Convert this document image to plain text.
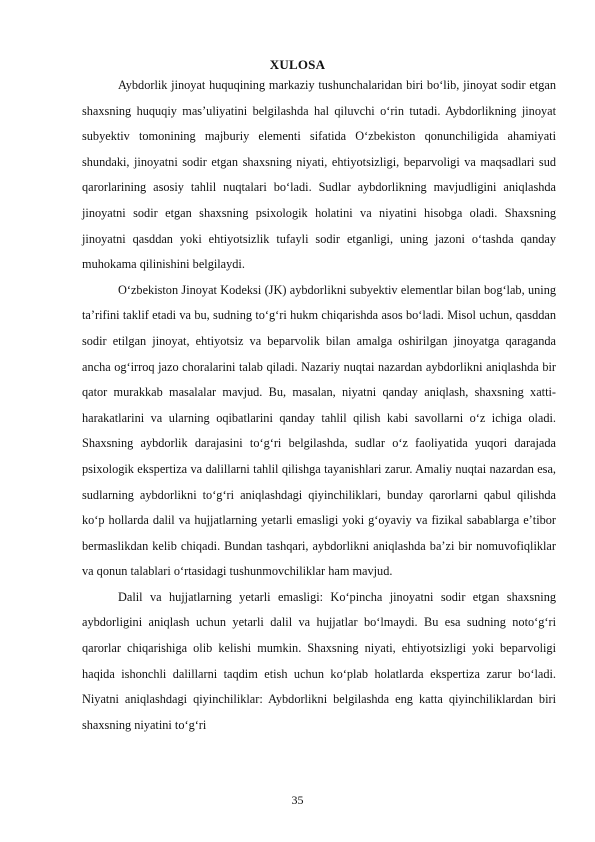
XULOSA

Aybdorlik jinoyat huquqining markaziy tushunchalaridan biri boʻlib, jinoyat sodir etgan shaxsning huquqiy masʼuliyatini belgilashda hal qiluvchi oʻrin tutadi. Aybdorlikning jinoyat subyektiv tomonining majburiy elementi sifatida Oʻzbekiston qonunchiligida ahamiyati shundaki, jinoyatni sodir etgan shaxsning niyati, ehtiyotsizligi, beparvoligi va maqsadlari sud qarorlarining asosiy tahlil nuqtalari boʻladi. Sudlar aybdorlikning mavjudligini aniqlashda jinoyatni sodir etgan shaxsning psixologik holatini va niyatini hisobga oladi. Shaxsning jinoyatni qasddan yoki ehtiyotsizlik tufayli sodir etganligi, uning jazoni oʻtashda qanday muhokama qilinishini belgilaydi.

Oʻzbekiston Jinoyat Kodeksi (JK) aybdorlikni subyektiv elementlar bilan bogʻlab, uning taʼrifini taklif etadi va bu, sudning toʻgʻri hukm chiqarishda asos boʻladi. Misol uchun, qasddan sodir etilgan jinoyat, ehtiyotsiz va beparvolik bilan amalga oshirilgan jinoyatga qaraganda ancha ogʻirroq jazo choralarini talab qiladi. Nazariy nuqtai nazardan aybdorlikni aniqlashda bir qator murakkab masalalar mavjud. Bu, masalan, niyatni qanday aniqlash, shaxsning xatti-harakatlarini va ularning oqibatlarini qanday tahlil qilish kabi savollarni oʻz ichiga oladi. Shaxsning aybdorlik darajasini toʻgʻri belgilashda, sudlar oʻz faoliyatida yuqori darajada psixologik ekspertiza va dalillarni tahlil qilishga tayanishlari zarur. Amaliy nuqtai nazardan esa, sudlarning aybdorlikni toʻgʻri aniqlashdagi qiyinchiliklari, bunday qarorlarni qabul qilishda koʻp hollarda dalil va hujjatlarning yetarli emasligi yoki gʻoyaviy va fizikal sabablarga eʼtibor bermaslikdan kelib chiqadi. Bundan tashqari, aybdorlikni aniqlashda baʼzi bir nomuvofiqliklar va qonun talablari oʻrtasidagi tushunmovchiliklar ham mavjud.

Dalil va hujjatlarning yetarli emasligi: Koʻpincha jinoyatni sodir etgan shaxsning aybdorligini aniqlash uchun yetarli dalil va hujjatlar boʻlmaydi. Bu esa sudning notoʻgʻri qarorlar chiqarishiga olib kelishi mumkin. Shaxsning niyati, ehtiyotsizligi yoki beparvoligi haqida ishonchli dalillarni taqdim etish uchun koʻplab holatlarda ekspertiza zarur boʻladi. Niyatni aniqlashdagi qiyinchiliklar: Aybdorlikni belgilashda eng katta qiyinchiliklardan biri shaxsning niyatini toʻgʻri

35
